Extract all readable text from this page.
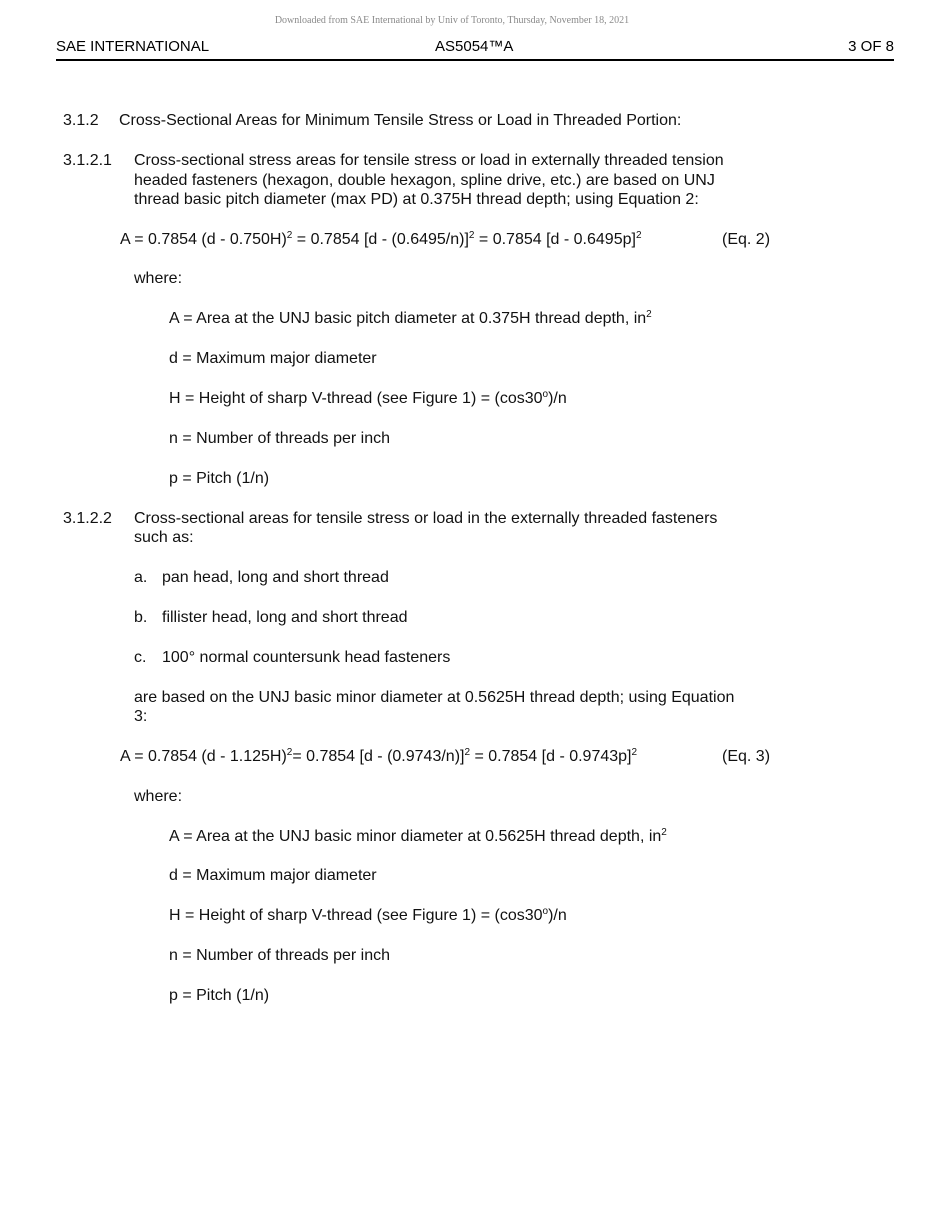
Downloaded from SAE International by Univ of Toronto, Thursday, November 18, 2021
SAE INTERNATIONAL	AS5054™A	3 OF 8
3.1.2 Cross-Sectional Areas for Minimum Tensile Stress or Load in Threaded Portion:
3.1.2.1 Cross-sectional stress areas for tensile stress or load in externally threaded tension
headed fasteners (hexagon, double hexagon, spline drive, etc.) are based on UNJ
thread basic pitch diameter (max PD) at 0.375H thread depth; using Equation 2:
A = 0.7854 (d - 0.750H)$^2$ = 0.7854 [d - (0.6495/n)]$^2$ = 0.7854 [d - 0.6495p]$^2$	(Eq. 2)
where:
A = Area at the UNJ basic pitch diameter at 0.375H thread depth, $in^2$
d = Maximum major diameter
H = Height of sharp V-thread (see Figure $1) = (\cos 30^o)/n$
n = Number of threads per inch
p = Pitch (1/n)
3.1.2.2 Cross-sectional areas for tensile stress or load in the externally threaded fasteners
such as:
a. pan head, long and short thread
b. fillister head, long and short thread
c. 100° normal countersunk head fasteners
are based on the UNJ basic minor diameter at 0.5625H thread depth; using Equation
3:
A = 0.7854 (d - 1.125H)$^2$= 0.7854 [d - (0.9743/n)]$^2$ = 0.7854 [d - 0.9743p]$^2$	(Eq. 3)
where:
A = Area at the UNJ basic minor diameter at 0.5625H thread depth, $in^2$
d = Maximum major diameter
H = Height of sharp V-thread (see Figure $1) = (\cos 30^o)/n$
n = Number of threads per inch
p = Pitch (1/n)
